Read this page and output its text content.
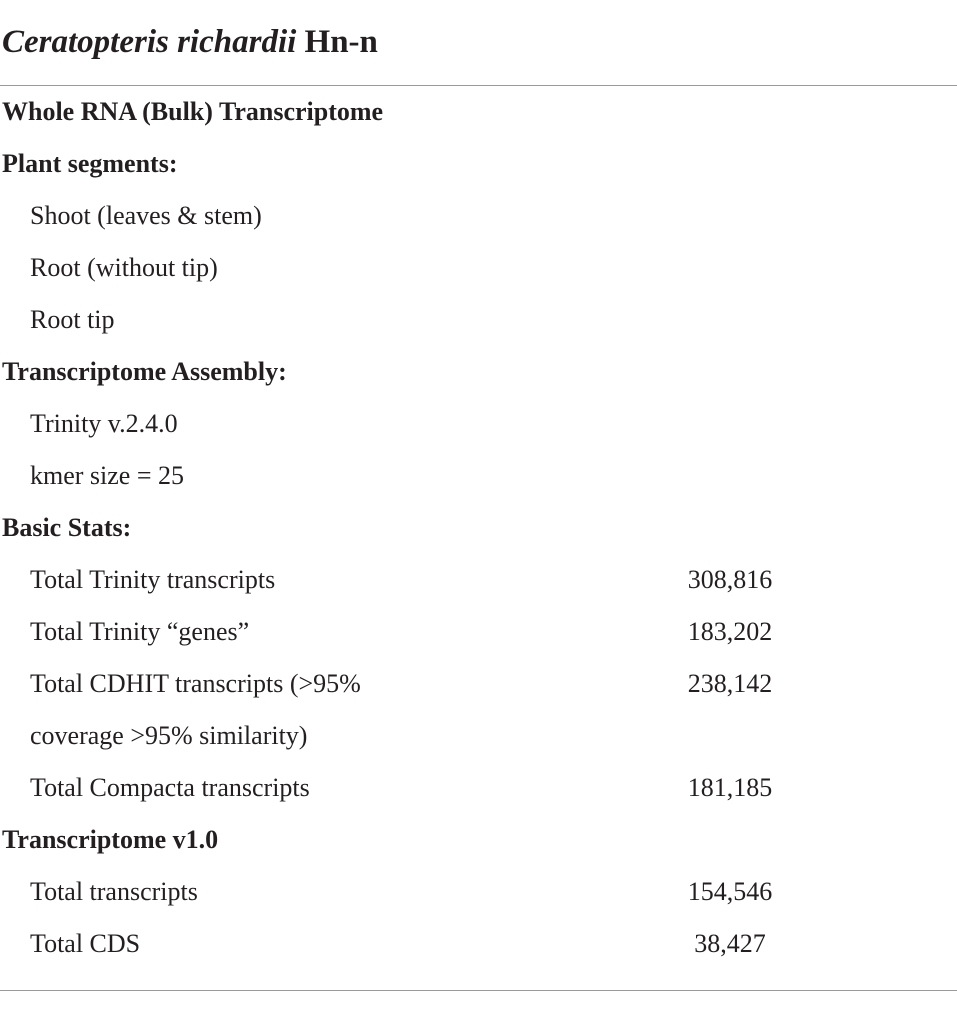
Ceratopteris richardii Hn-n
Whole RNA (Bulk) Transcriptome
Plant segments:
Shoot (leaves & stem)
Root (without tip)
Root tip
Transcriptome Assembly:
Trinity v.2.4.0
kmer size = 25
Basic Stats:
Total Trinity transcripts	308,816
Total Trinity “genes”	183,202
Total CDHIT transcripts (>95%	238,142
coverage >95% similarity)
Total Compacta transcripts	181,185
Transcriptome v1.0
Total transcripts	154,546
Total CDS	38,427
